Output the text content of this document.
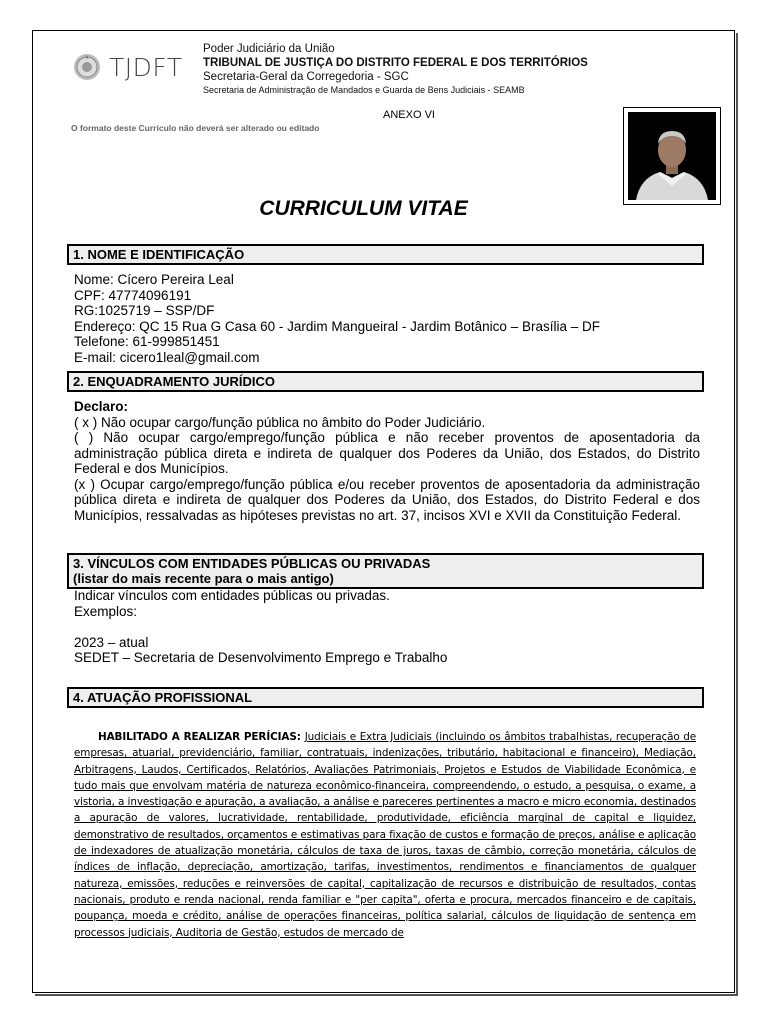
TJDFT
Poder Judiciário da União
TRIBUNAL DE JUSTIÇA DO DISTRITO FEDERAL E DOS TERRITÓRIOS
Secretaria-Geral da Corregedoria - SGC
Secretaria de Administração de Mandados e Guarda de Bens Judiciais - SEAMB
ANEXO VI
O formato deste Currículo não deverá ser alterado ou editado
CURRICULUM VITAE
1. NOME E IDENTIFICAÇÃO
Nome: Cícero Pereira Leal
CPF: 47774096191
RG:1025719 – SSP/DF
Endereço: QC 15 Rua G Casa 60 - Jardim Mangueiral - Jardim Botânico – Brasília – DF
Telefone: 61-999851451
E-mail: cicero1leal@gmail.com
2. ENQUADRAMENTO JURÍDICO
Declaro:
( x ) Não ocupar cargo/função pública no âmbito do Poder Judiciário.
( ) Não ocupar cargo/emprego/função pública e não receber proventos de aposentadoria da administração pública direta e indireta de qualquer dos Poderes da União, dos Estados, do Distrito Federal e dos Municípios.
(x ) Ocupar cargo/emprego/função pública e/ou receber proventos de aposentadoria da administração pública direta e indireta de qualquer dos Poderes da União, dos Estados, do Distrito Federal e dos Municípios, ressalvadas as hipóteses previstas no art. 37, incisos XVI e XVII da Constituição Federal.
3. VÍNCULOS COM ENTIDADES PÚBLICAS OU PRIVADAS
(listar do mais recente para o mais antigo)
Indicar vínculos com entidades públicas ou privadas.
Exemplos:
2023 – atual
SEDET – Secretaria de Desenvolvimento Emprego e Trabalho
4. ATUAÇÃO PROFISSIONAL
HABILITADO A REALIZAR PERÍCIAS: Judiciais e Extra Judiciais (incluindo os âmbitos trabalhistas, recuperação de empresas, atuarial, previdenciário, familiar, contratuais, indenizações, tributário, habitacional e financeiro), Mediação, Arbitragens, Laudos, Certificados, Relatórios, Avaliações Patrimoniais, Projetos e Estudos de Viabilidade Econômica, e tudo mais que envolvam matéria de natureza econômico-financeira, compreendendo, o estudo, a pesquisa, o exame, a vistoria, a investigação e apuração, a avaliação, a análise e pareceres pertinentes a macro e micro economia, destinados a apuração de valores, lucratividade, rentabilidade, produtividade, eficiência marginal de capital e liquidez, demonstrativo de resultados, orçamentos e estimativas para fixação de custos e formação de preços, análise e aplicação de indexadores de atualização monetária, cálculos de taxa de juros, taxas de câmbio, correção monetária, cálculos de índices de inflação, depreciação, amortização, tarifas, investimentos, rendimentos e financiamentos de qualquer natureza, emissões, reduções e reinversões de capital, capitalização de recursos e distribuição de resultados, contas nacionais, produto e renda nacional, renda familiar e "per capita", oferta e procura, mercados financeiro e de capitais, poupança, moeda e crédito, análise de operações financeiras, política salarial, cálculos de liquidação de sentença em processos judiciais, Auditoria de Gestão, estudos de mercado de
